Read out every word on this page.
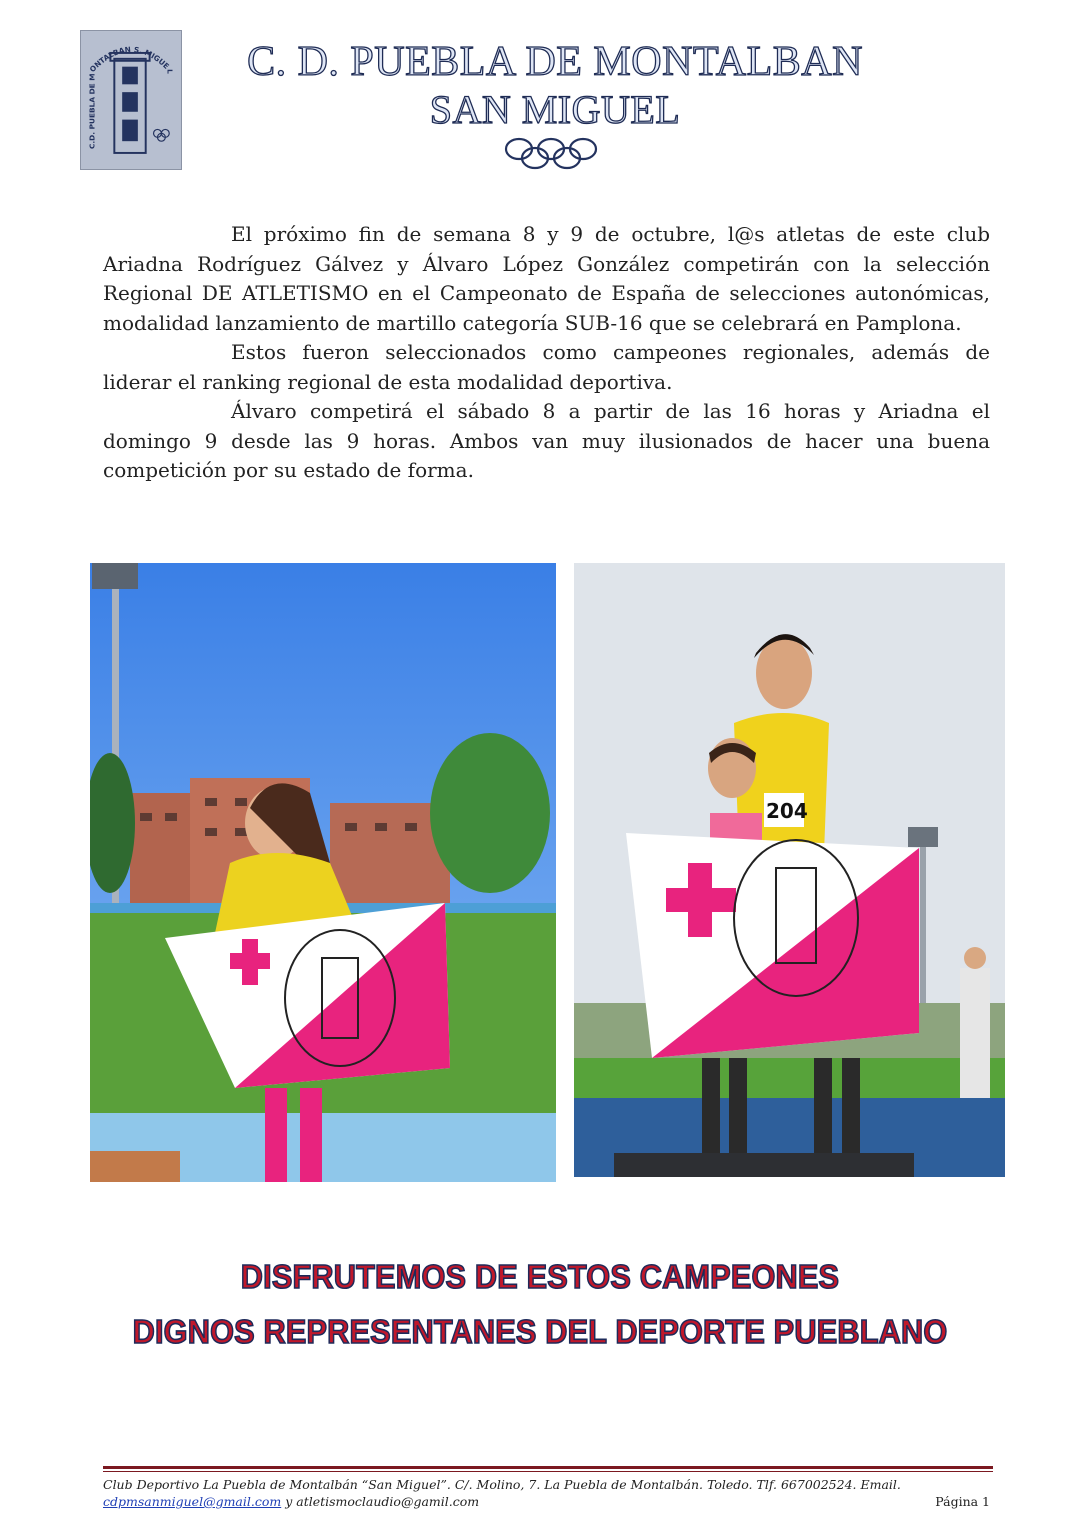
C.D. PUEBLA DE MONTALBAN S. MIGUEL	C. D. PUEBLA DE MONTALBAN
SAN MIGUEL

El próximo fin de semana 8 y 9 de octubre, l@s atletas de este club Ariadna Rodríguez Gálvez y Álvaro López González competirán con la selección Regional DE ATLETISMO en el Campeonato de España de selecciones autonómicas, modalidad lanzamiento de martillo categoría SUB-16 que se celebrará en Pamplona.

Estos fueron seleccionados como campeones regionales, además de liderar el ranking regional de esta modalidad deportiva.

Álvaro competirá el sábado 8 a partir de las 16 horas y Ariadna el domingo 9 desde las 9 horas. Ambos van muy ilusionados de hacer una buena competición por su estado de forma.

204
DISFRUTEMOS DE ESTOS CAMPEONES
DIGNOS REPRESENTANES DEL DEPORTE PUEBLANO
Club Deportivo La Puebla de Montalbán “San Miguel”. C/. Molino, 7. La Puebla de Montalbán. Toledo. Tlf. 667002524. Email.
cdpmsanmiguel@gmail.com y atletismoclaudio@gamil.com	Página 1
